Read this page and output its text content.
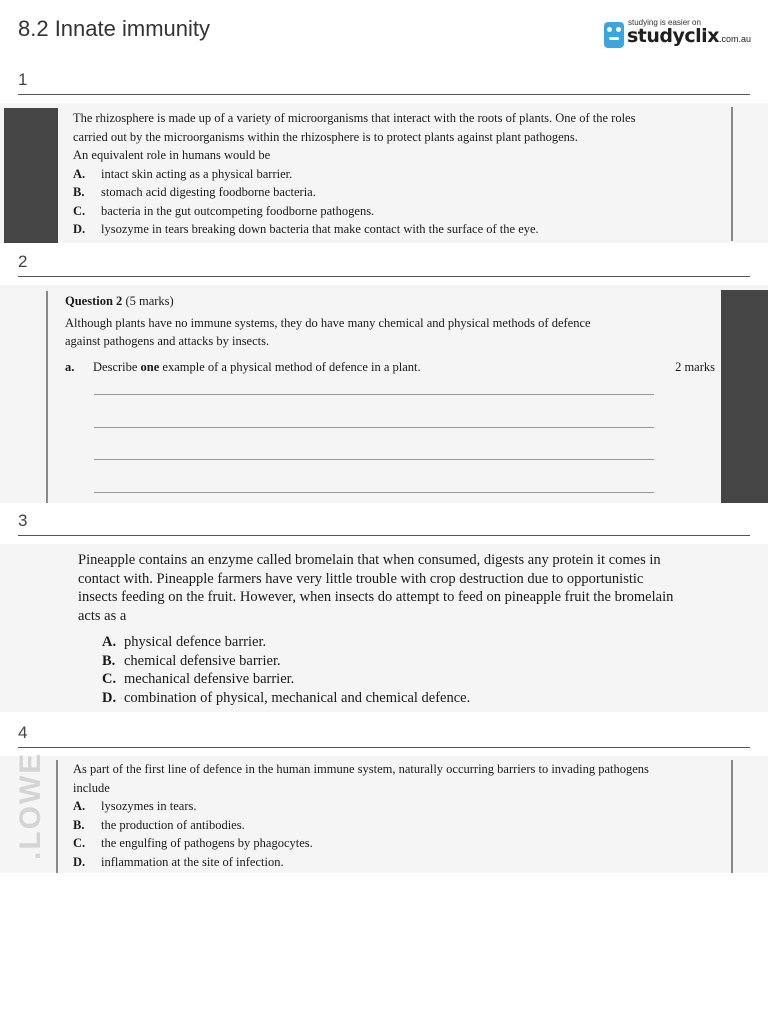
8.2 Innate immunity	studying is easier on
studyclix.com.au
1

The rhizosphere is made up of a variety of microorganisms that interact with the roots of plants. One of the roles

carried out by the microorganisms within the rhizosphere is to protect plants against plant pathogens.

An equivalent role in humans would be

A.	intact skin acting as a physical barrier.
B.	stomach acid digesting foodborne bacteria.
C.	bacteria in the gut outcompeting foodborne pathogens.
D.	lysozyme in tears breaking down bacteria that make contact with the surface of the eye.
2

Question 2 (5 marks)

Although plants have no immune systems, they do have many chemical and physical methods of defence

against pathogens and attacks by insects.

a.	Describe one example of a physical method of defence in a plant.	2 marks
3

Pineapple contains an enzyme called bromelain that when consumed, digests any protein it comes in

contact with. Pineapple farmers have very little trouble with crop destruction due to opportunistic

insects feeding on the fruit. However, when insects do attempt to feed on pineapple fruit the bromelain

acts as a

A. physical defence barrier.
B. chemical defensive barrier.
C. mechanical defensive barrier.
D. combination of physical, mechanical and chemical defence.
4

As part of the first line of defence in the human immune system, naturally occurring barriers to invading pathogens

include

A.	lysozymes in tears.
B.	the production of antibodies.
C.	the engulfing of pathogens by phagocytes.
D.	inflammation at the site of infection.
.LOWE
